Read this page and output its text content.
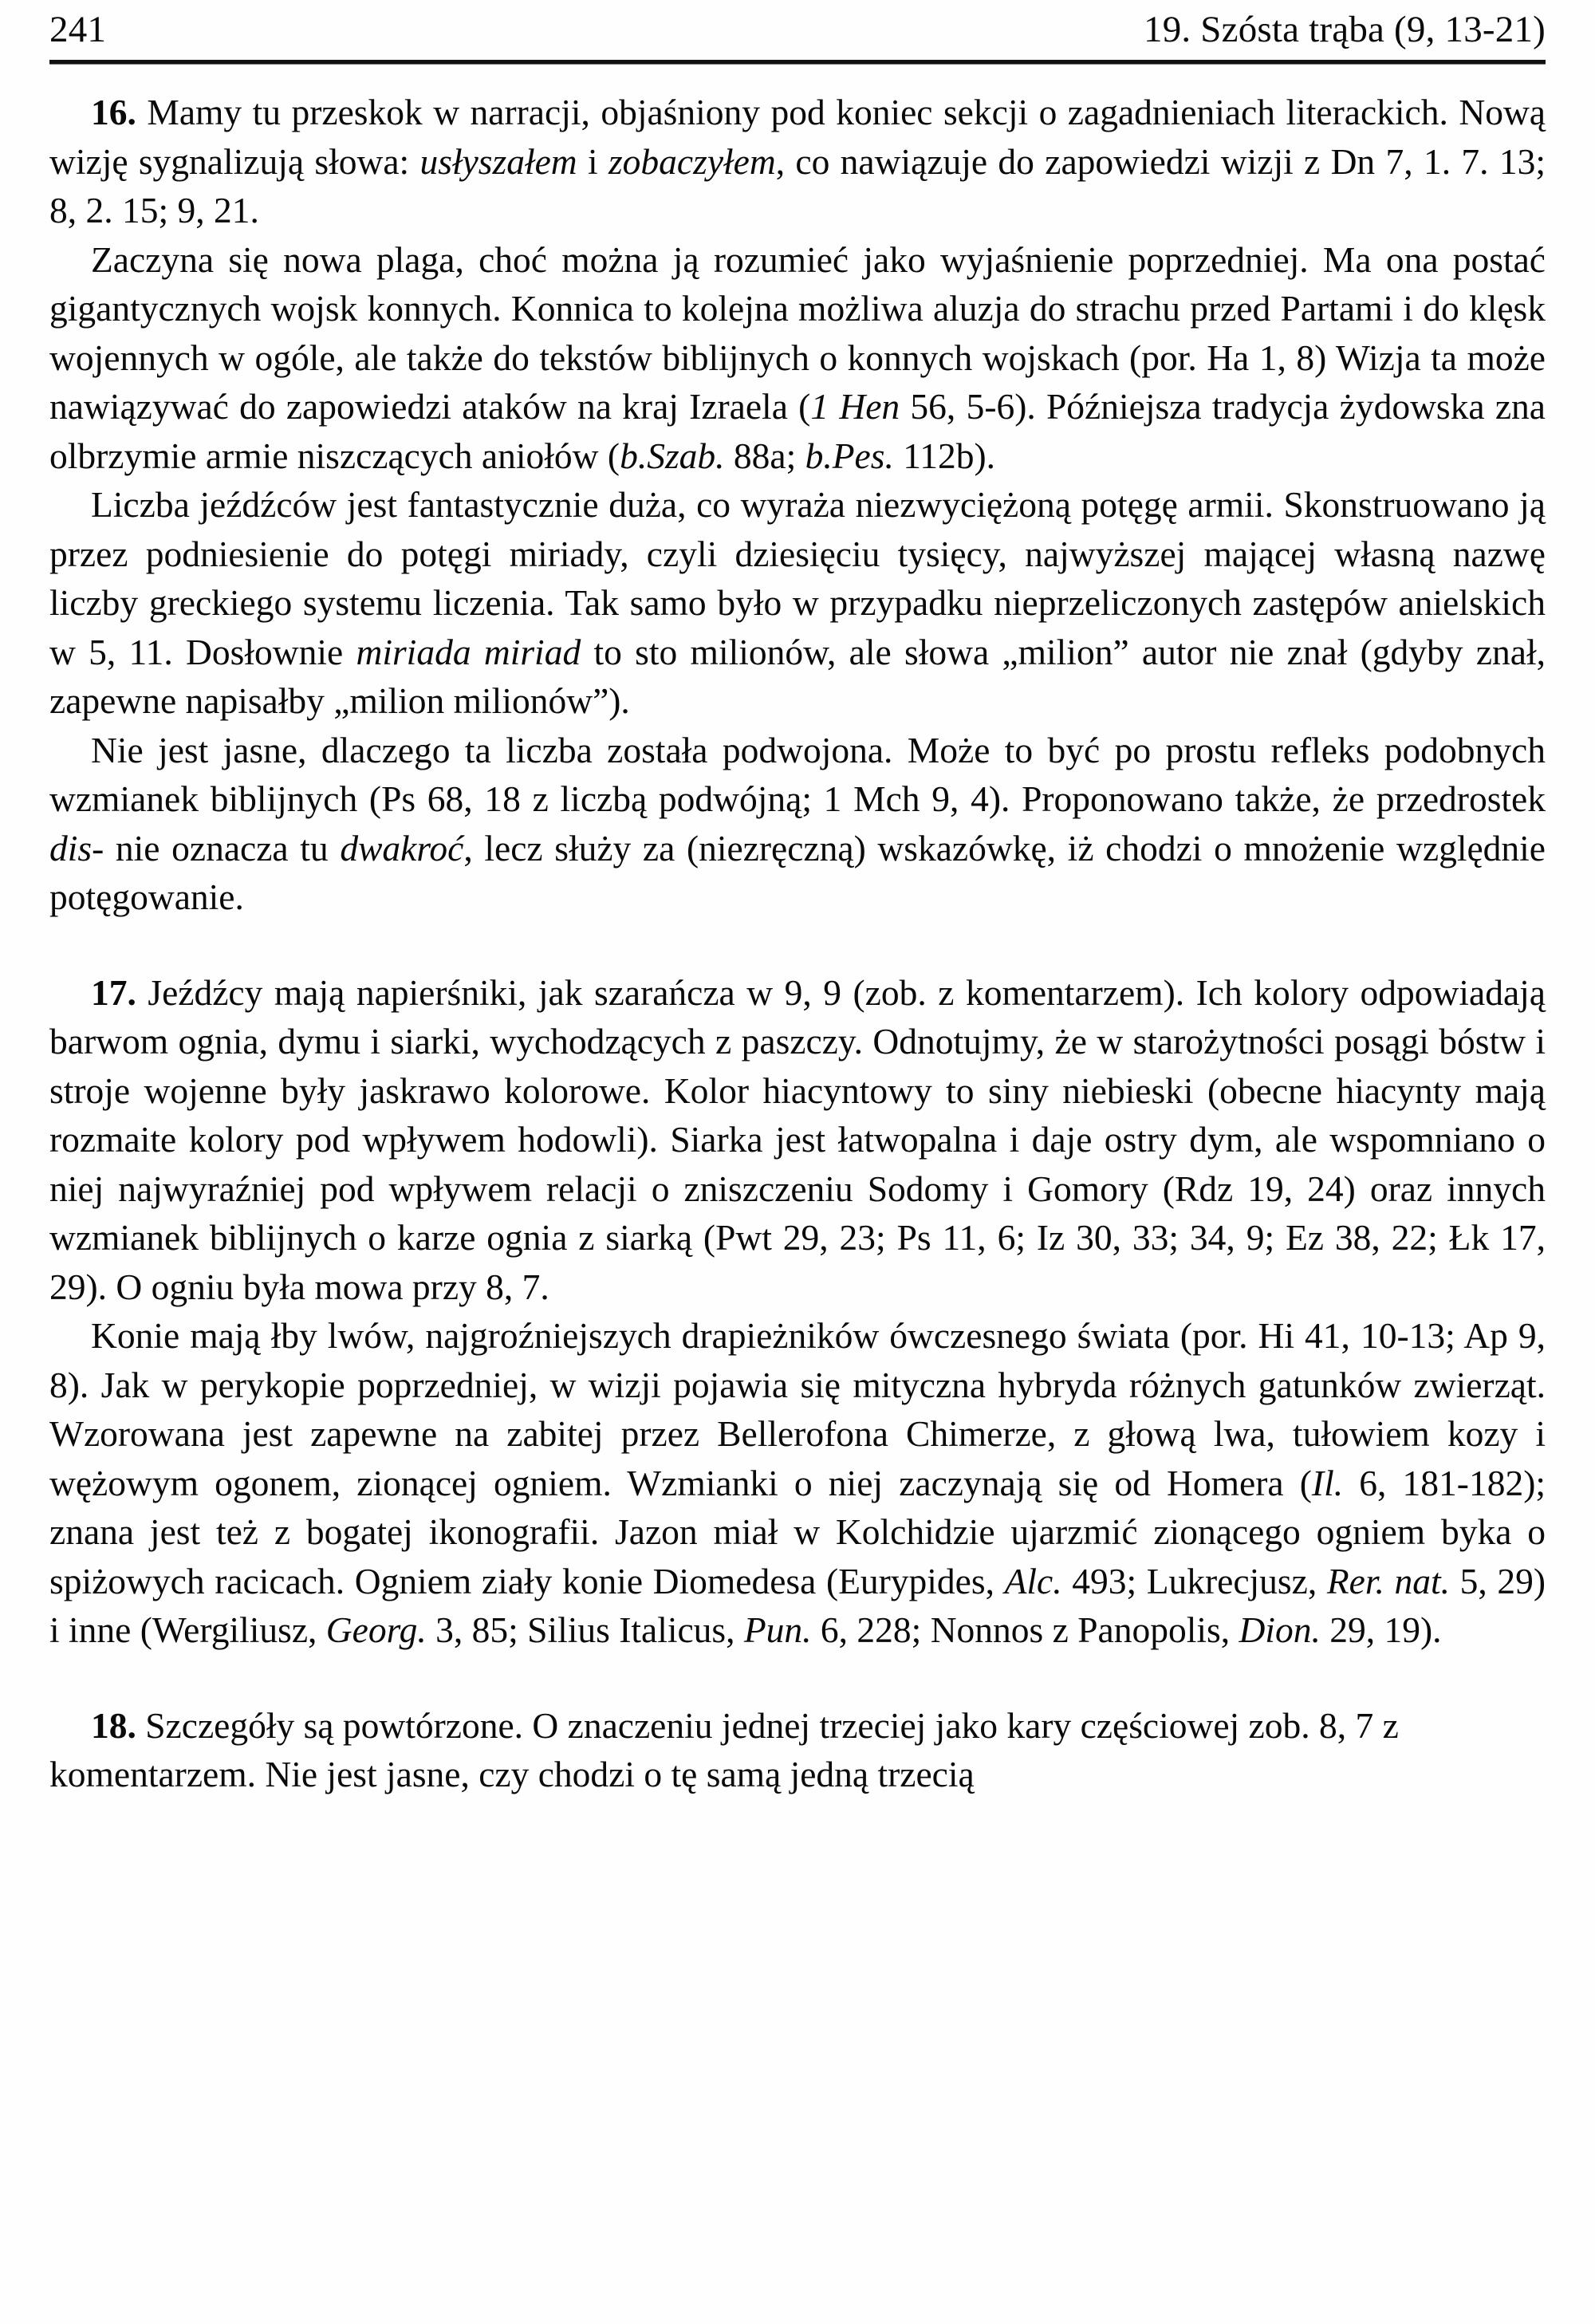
241	19. Szósta trąba (9, 13-21)

16. Mamy tu przeskok w narracji, objaśniony pod koniec sekcji o zagadnieniach literackich. Nową wizję sygnalizują słowa: usłyszałem i zobaczyłem, co nawiązuje do zapowiedzi wizji z Dn 7, 1. 7. 13; 8, 2. 15; 9, 21.

Zaczyna się nowa plaga, choć można ją rozumieć jako wyjaśnienie poprzedniej. Ma ona postać gigantycznych wojsk konnych. Konnica to kolejna możliwa aluzja do strachu przed Partami i do klęsk wojennych w ogóle, ale także do tekstów biblijnych o konnych wojskach (por. Ha 1, 8) Wizja ta może nawiązywać do zapowiedzi ataków na kraj Izraela (1 Hen 56, 5-6). Późniejsza tradycja żydowska zna olbrzymie armie niszczących aniołów (b.Szab. 88a; b.Pes. 112b).

Liczba jeźdźców jest fantastycznie duża, co wyraża niezwyciężoną potęgę armii. Skonstruowano ją przez podniesienie do potęgi miriady, czyli dziesięciu tysięcy, najwyższej mającej własną nazwę liczby greckiego systemu liczenia. Tak samo było w przypadku nieprzeliczonych zastępów anielskich w 5, 11. Dosłownie miriada miriad to sto milionów, ale słowa „milion” autor nie znał (gdyby znał, zapewne napisałby „milion milionów”).

Nie jest jasne, dlaczego ta liczba została podwojona. Może to być po prostu refleks podobnych wzmianek biblijnych (Ps 68, 18 z liczbą podwójną; 1 Mch 9, 4). Proponowano także, że przedrostek dis- nie oznacza tu dwakroć, lecz służy za (niezręczną) wskazówkę, iż chodzi o mnożenie względnie potęgowanie.

17. Jeźdźcy mają napierśniki, jak szarańcza w 9, 9 (zob. z komentarzem). Ich kolory odpowiadają barwom ognia, dymu i siarki, wychodzących z paszczy. Odnotujmy, że w starożytności posągi bóstw i stroje wojenne były jaskrawo kolorowe. Kolor hiacyntowy to siny niebieski (obecne hiacynty mają rozmaite kolory pod wpływem hodowli). Siarka jest łatwopalna i daje ostry dym, ale wspomniano o niej najwyraźniej pod wpływem relacji o zniszczeniu Sodomy i Gomory (Rdz 19, 24) oraz innych wzmianek biblijnych o karze ognia z siarką (Pwt 29, 23; Ps 11, 6; Iz 30, 33; 34, 9; Ez 38, 22; Łk 17, 29). O ogniu była mowa przy 8, 7.

Konie mają łby lwów, najgroźniejszych drapieżników ówczesnego świata (por. Hi 41, 10-13; Ap 9, 8). Jak w perykopie poprzedniej, w wizji pojawia się mityczna hybryda różnych gatunków zwierząt. Wzorowana jest zapewne na zabitej przez Bellerofona Chimerze, z głową lwa, tułowiem kozy i wężowym ogonem, zionącej ogniem. Wzmianki o niej zaczynają się od Homera (Il. 6, 181-182); znana jest też z bogatej ikonografii. Jazon miał w Kolchidzie ujarzmić zionącego ogniem byka o spiżowych racicach. Ogniem ziały konie Diomedesa (Eurypides, Alc. 493; Lukrecjusz, Rer. nat. 5, 29) i inne (Wergiliusz, Georg. 3, 85; Silius Italicus, Pun. 6, 228; Nonnos z Panopolis, Dion. 29, 19).

18. Szczegóły są powtórzone. O znaczeniu jednej trzeciej jako kary częściowej zob. 8, 7 z komentarzem. Nie jest jasne, czy chodzi o tę samą jedną trzecią
